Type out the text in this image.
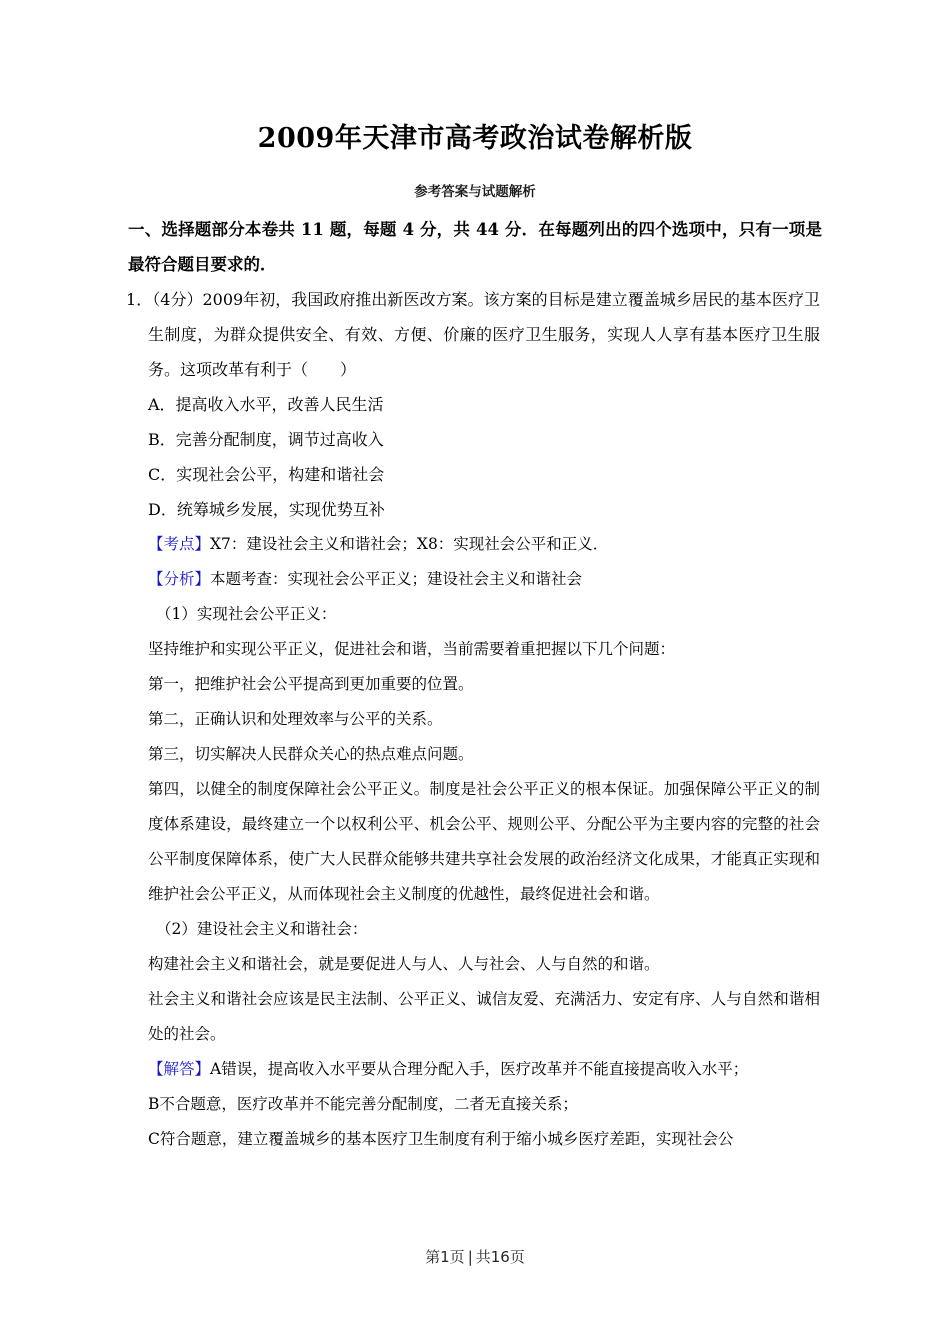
2009年天津市高考政治试卷解析版
参考答案与试题解析

一、选择题部分本卷共 11 题，每题 4 分，共 44 分．在每题列出的四个选项中，只有一项是最符合题目要求的．

1．（4分）2009年初，我国政府推出新医改方案。该方案的目标是建立覆盖城乡居民的基本医疗卫生制度，为群众提供安全、有效、方便、价廉的医疗卫生服务，实现人人享有基本医疗卫生服务。这项改革有利于（　　）

A．提高收入水平，改善人民生活

B．完善分配制度，调节过高收入

C．实现社会公平，构建和谐社会

D．统筹城乡发展，实现优势互补

【考点】X7：建设社会主义和谐社会；X8：实现社会公平和正义．

【分析】本题考查：实现社会公平正义；建设社会主义和谐社会

（1）实现社会公平正义：

坚持维护和实现公平正义，促进社会和谐，当前需要着重把握以下几个问题：

第一，把维护社会公平提高到更加重要的位置。

第二，正确认识和处理效率与公平的关系。

第三，切实解决人民群众关心的热点难点问题。

第四，以健全的制度保障社会公平正义。制度是社会公平正义的根本保证。加强保障公平正义的制度体系建设，最终建立一个以权利公平、机会公平、规则公平、分配公平为主要内容的完整的社会公平制度保障体系，使广大人民群众能够共建共享社会发展的政治经济文化成果，才能真正实现和维护社会公平正义，从而体现社会主义制度的优越性，最终促进社会和谐。

（2）建设社会主义和谐社会：

构建社会主义和谐社会，就是要促进人与人、人与社会、人与自然的和谐。

社会主义和谐社会应该是民主法制、公平正义、诚信友爱、充满活力、安定有序、人与自然和谐相处的社会。

【解答】A错误，提高收入水平要从合理分配入手，医疗改革并不能直接提高收入水平；

B不合题意，医疗改革并不能完善分配制度，二者无直接关系；

C符合题意，建立覆盖城乡的基本医疗卫生制度有利于缩小城乡医疗差距，实现社会公

第1页 | 共16页
